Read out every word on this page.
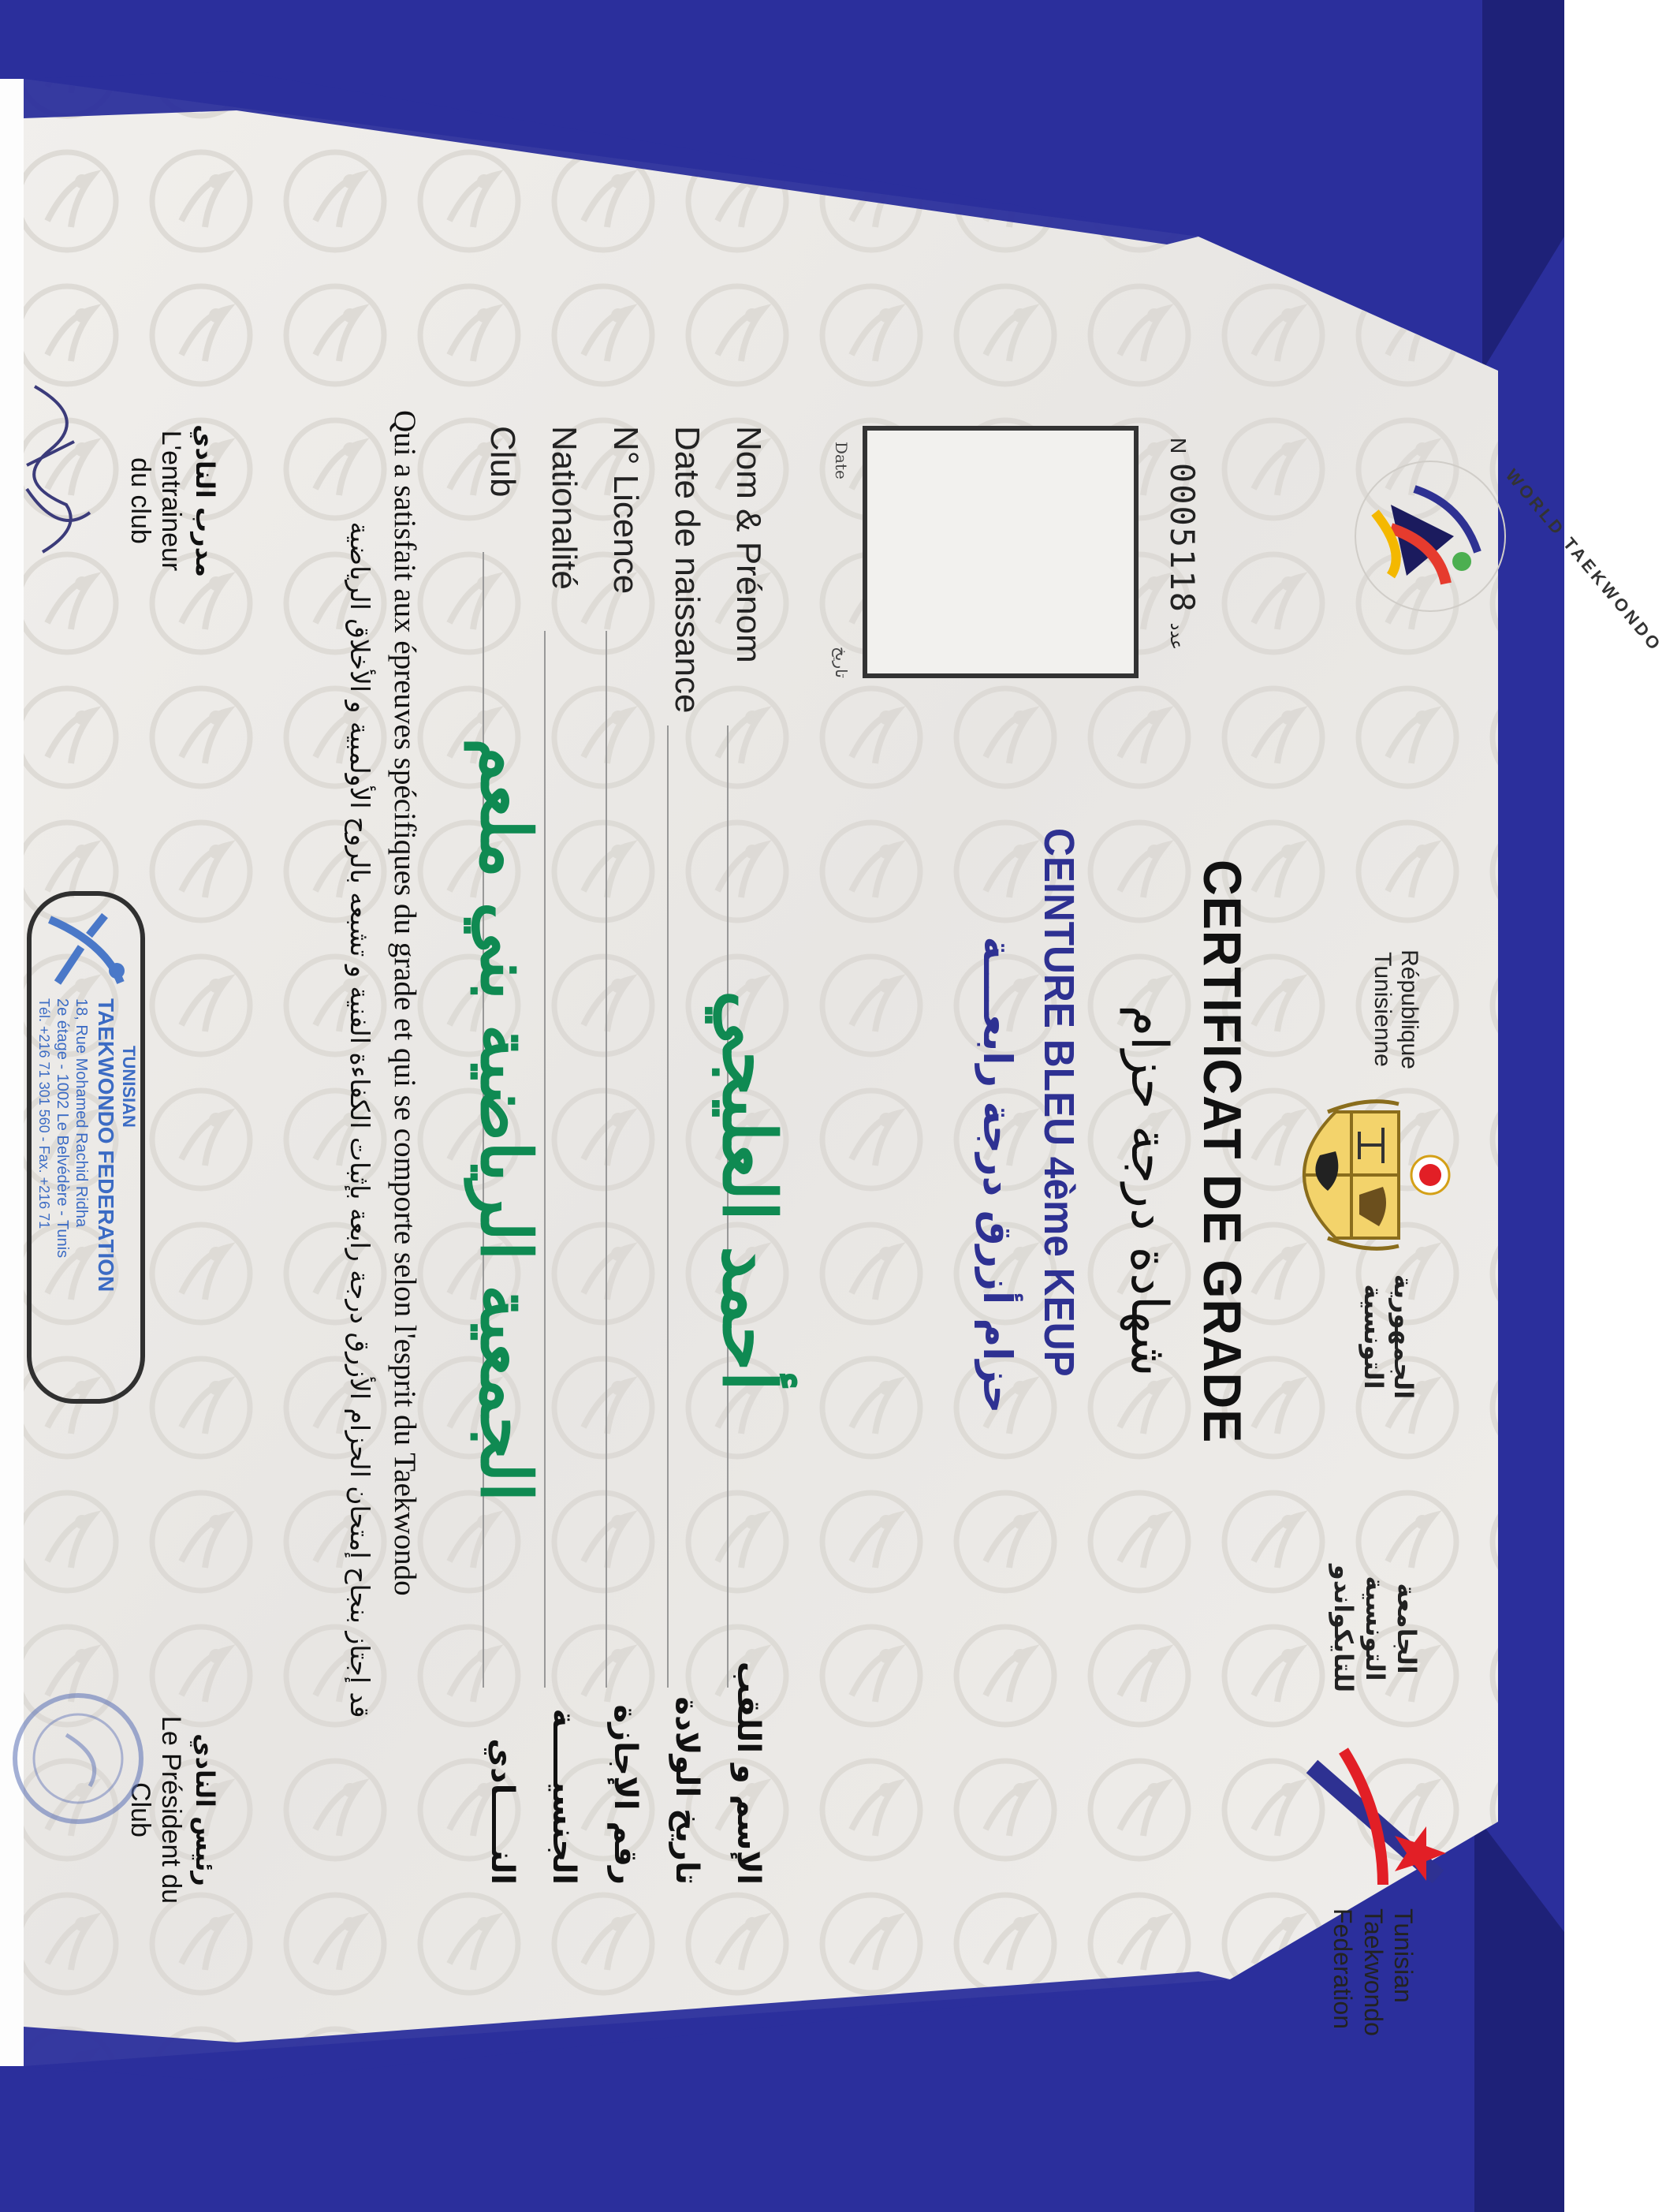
WORLD TAEKWONDO
République
Tunisienne
الجمهورية
التونسية
الجامعة
التونسية
للتايكواندو
Tunisian
Taekwondo
Federation
N 0005118 عدد
Date
تاريخ
CERTIFICAT DE GRADE
شهادة درجة حزام
CEINTURE BLEU 4ème KEUP
حزام أزرق درجة رابعــــة
Nom & Prénom
أحمد العليجي
الإسم و اللقب
Date de naissance
تاريخ الولادة
N° Licence
رقم الإجازة
Nationalité
الجنسيـــــة
Club
الجمعية الرياضية بني ملعم
النـــــادي
Qui a satisfait aux épreuves spécifiques du grade et qui se comporte selon l'esprit du Taekwondo
قد إجتاز بنجاح إمتحان الحزام الأزرق درجة رابعة بإثبات الكفاءة الفنية و تشبعه بالروح الأولمبية و الأخلاق الرياضية
مدرب النادي
L'entraineur
du club
رئيس النادي
Le Président du
Club
TUNISIAN
TAEKWONDO FEDERATION
18, Rue Mohamed Rachid Ridha
2e étage - 1002 Le Belvédère - Tunis
Tél. +216 71 301 560 - Fax. +216 71
